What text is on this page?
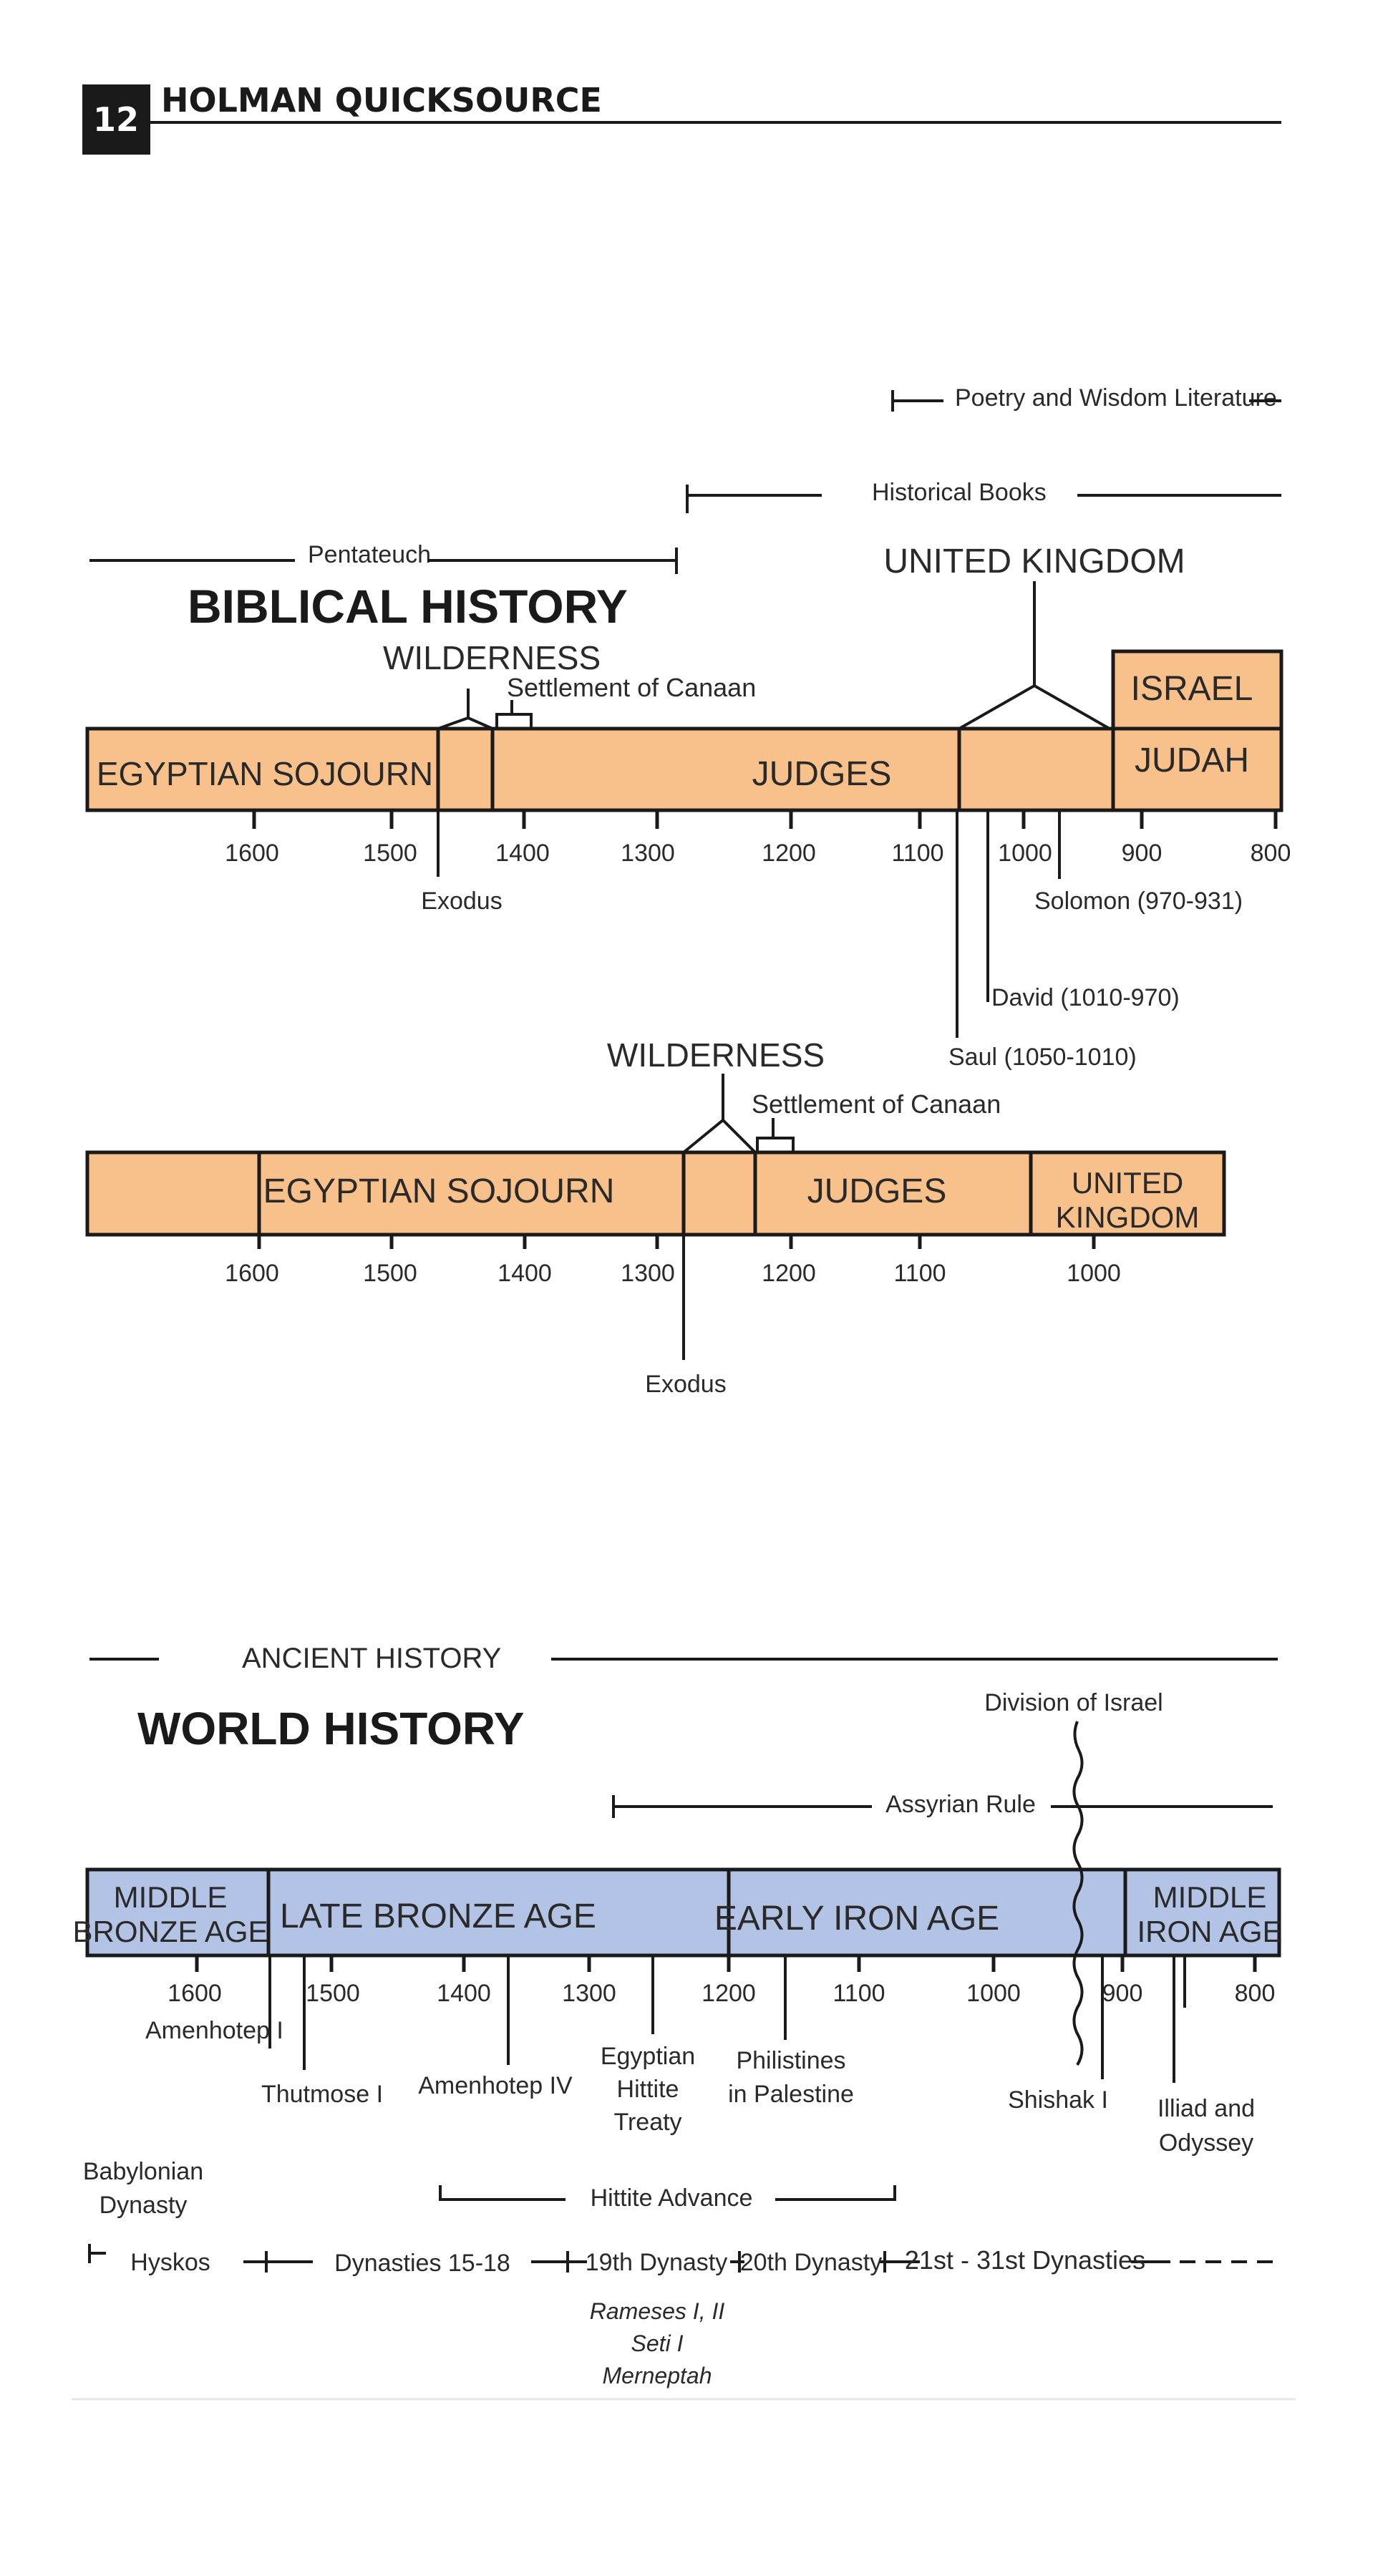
12 HOLMAN QUICKSOURCE
Poetry and Wisdom Literature
Historical Books
Pentateuch
BIBLICAL HISTORY
UNITED KINGDOM
WILDERNESS
Settlement of Canaan
EGYPTIAN SOJOURN	JUDGES
ISRAEL
JUDAH
1600	1500	1400	1300	1200	1100 1000	900	800
Exodus	Solomon (970-931)
David (1010-970)
Saul (1050-1010)
WILDERNESS
Settlement of Canaan
EGYPTIAN SOJOURN	JUDGES	UNITED
KINGDOM
1600	1500	1400	1300	1200	1100	1000
Exodus
ANCIENT HISTORY
WORLD HISTORY	Division of Israel
Assyrian Rule
MIDDLE
BRONZE AGE LATE BRONZE AGE	EARLY IRON AGE
MIDDLE
IRON AGE
1600	1500	1400	1300	1200	1100	1000	900	800
Amenhotep I
Thutmose I Amenhotep IV
Egyptian
Hittite
Treaty
Philistines
in Palestine	Shishak I Illiad and
Odyssey
Babylonian
Dynasty	Hittite Advance
Hyskos	Dynasties 15-18	19th Dynasty 20th Dynasty 21st - 31st Dynasties
Rameses I, II
Seti I
Merneptah
